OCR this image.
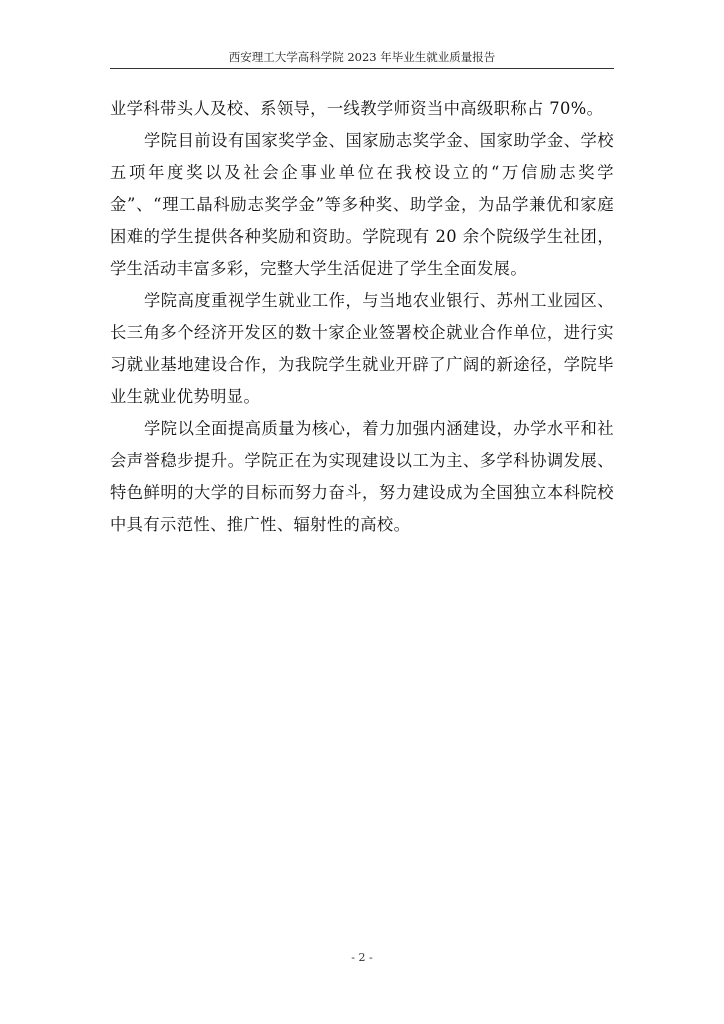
西安理工大学高科学院 2023 年毕业生就业质量报告

业学科带头人及校、系领导，一线教学师资当中高级职称占 70%。

学院目前设有国家奖学金、国家励志奖学金、国家助学金、学校五项年度奖以及社会企事业单位在我校设立的“万信励志奖学金”、“理工晶科励志奖学金”等多种奖、助学金，为品学兼优和家庭困难的学生提供各种奖励和资助。学院现有 20 余个院级学生社团，学生活动丰富多彩，完整大学生活促进了学生全面发展。

学院高度重视学生就业工作，与当地农业银行、苏州工业园区、长三角多个经济开发区的数十家企业签署校企就业合作单位，进行实习就业基地建设合作，为我院学生就业开辟了广阔的新途径，学院毕业生就业优势明显。

学院以全面提高质量为核心，着力加强内涵建设，办学水平和社会声誉稳步提升。学院正在为实现建设以工为主、多学科协调发展、特色鲜明的大学的目标而努力奋斗，努力建设成为全国独立本科院校中具有示范性、推广性、辐射性的高校。

- 2 -
